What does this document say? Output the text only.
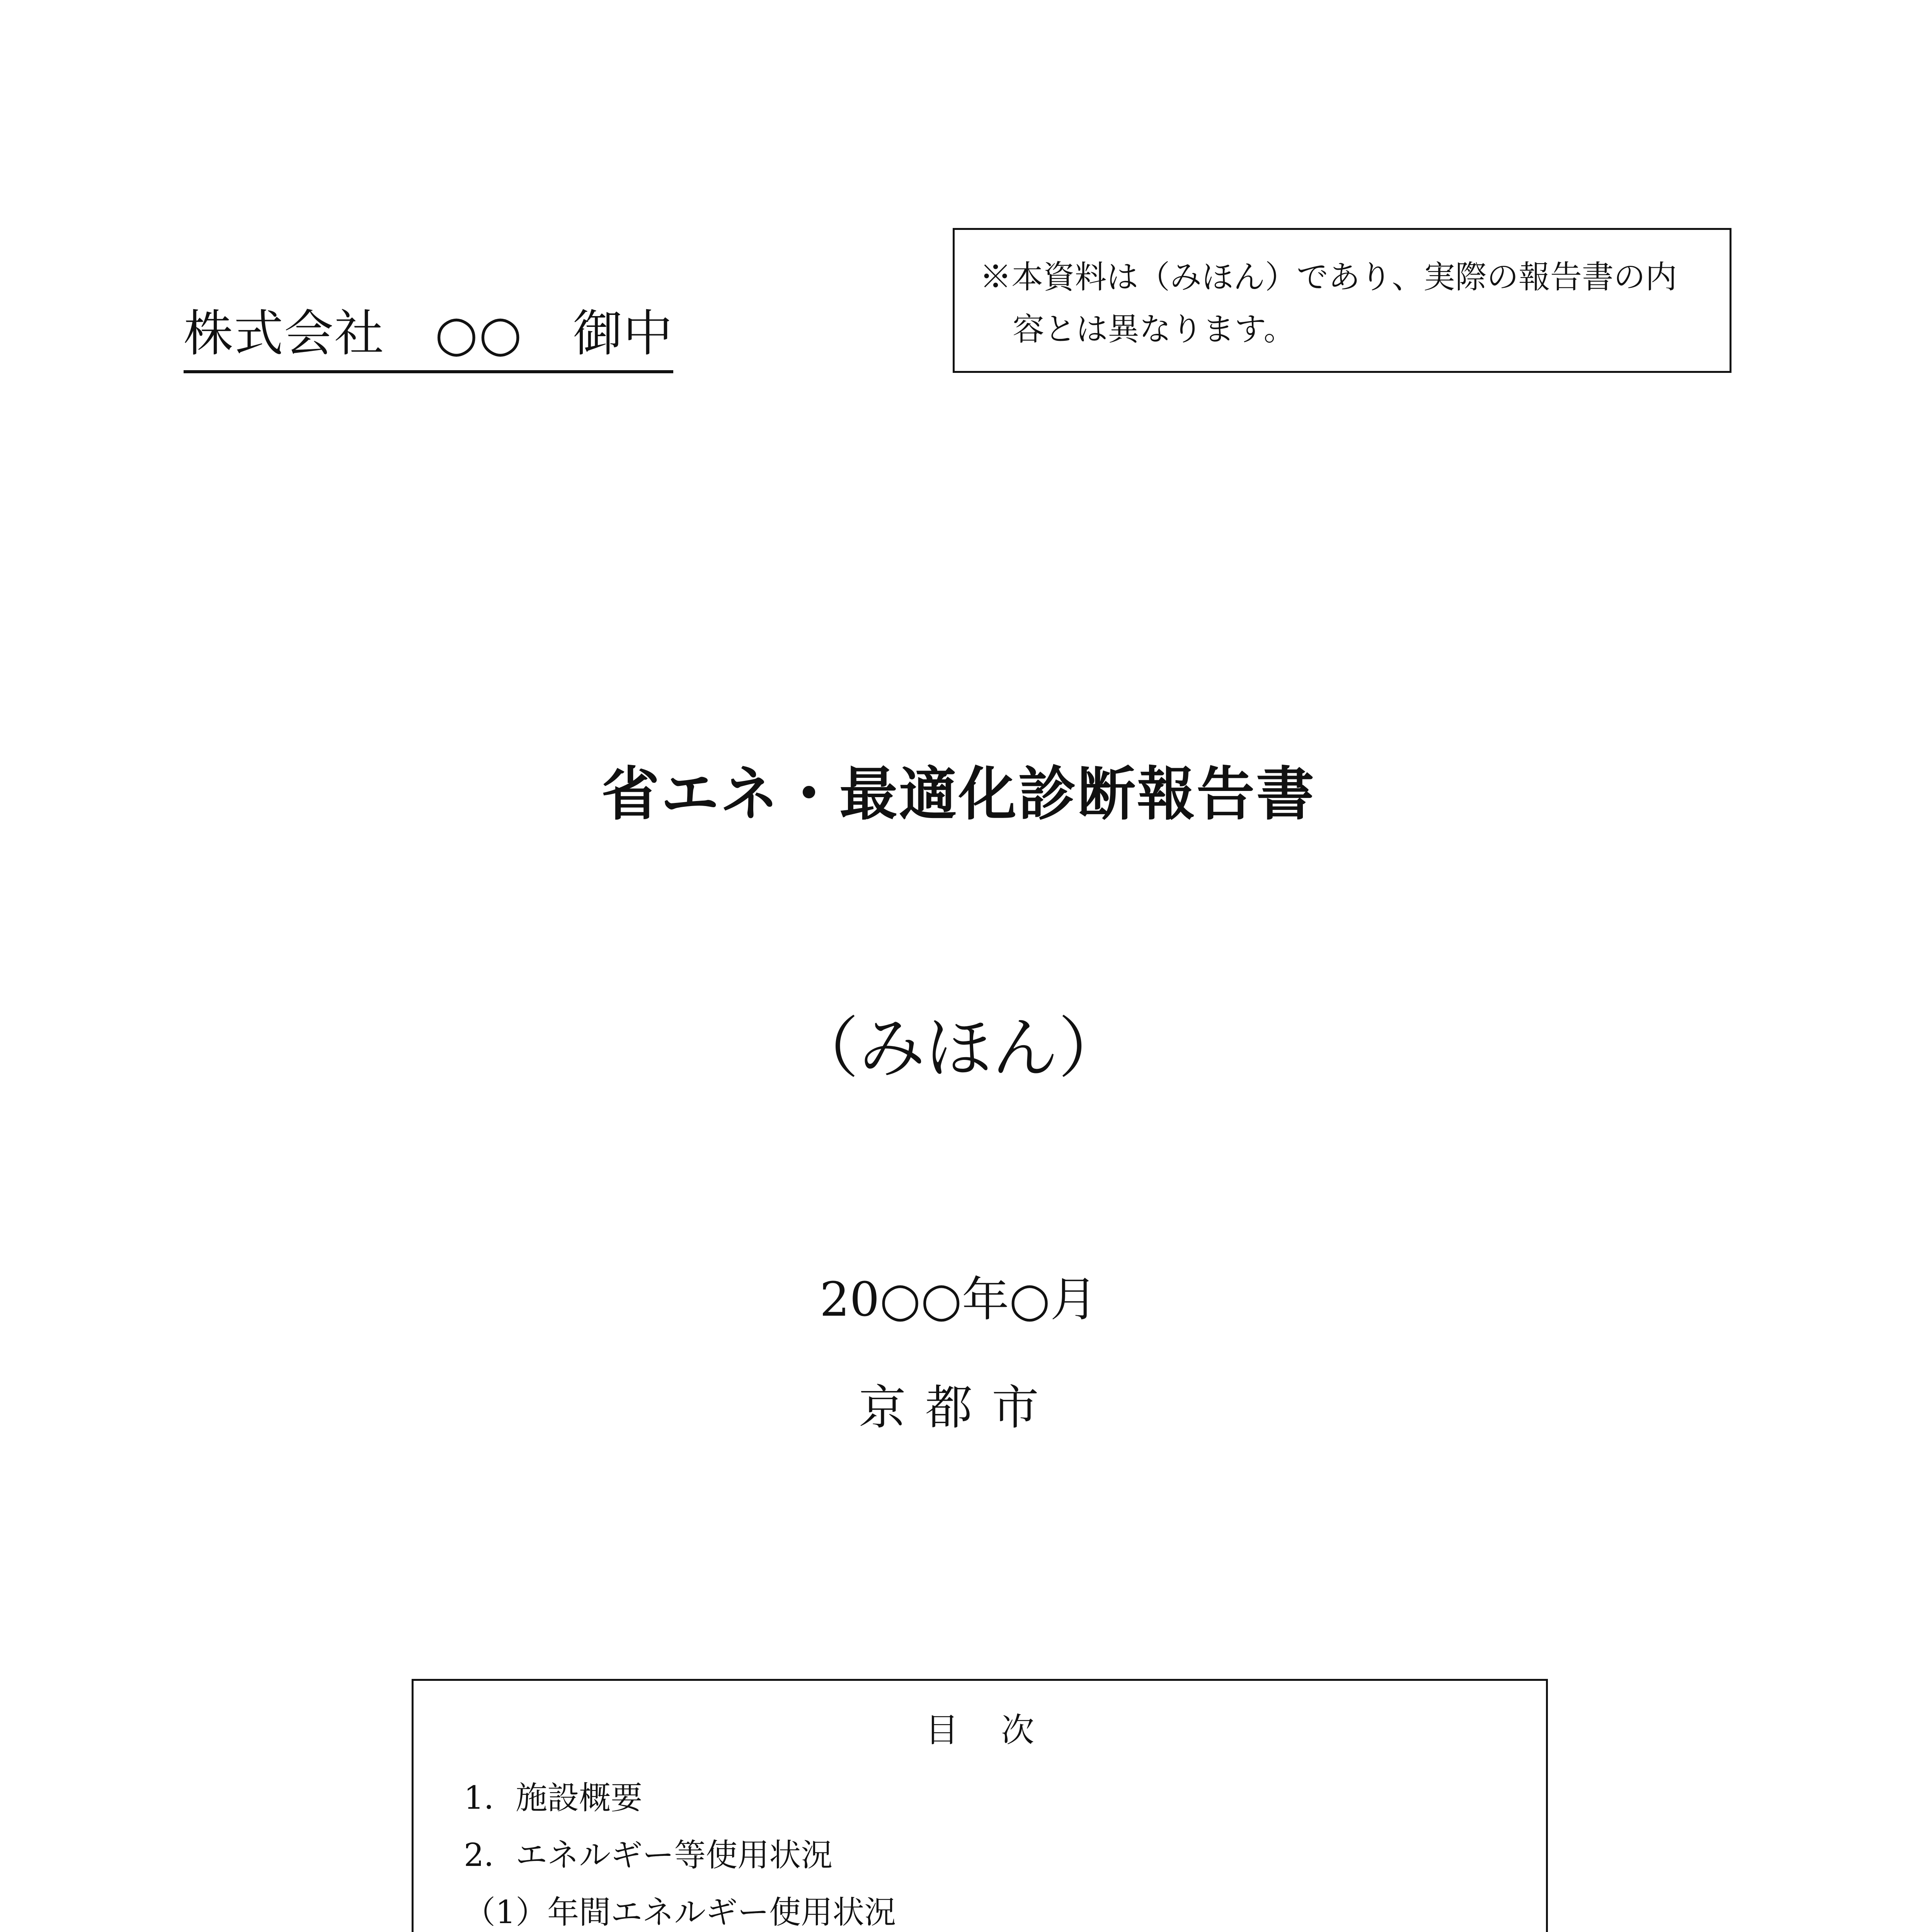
株式会社　○○　御中
※本資料は（みほん）であり、実際の報告書の内
容とは異なります。
省エネ・最適化診断報告書
（みほん）
20○○年○月
京都市
目次
1．施設概要
2．エネルギー等使用状況
（1）年間エネルギー使用状況
